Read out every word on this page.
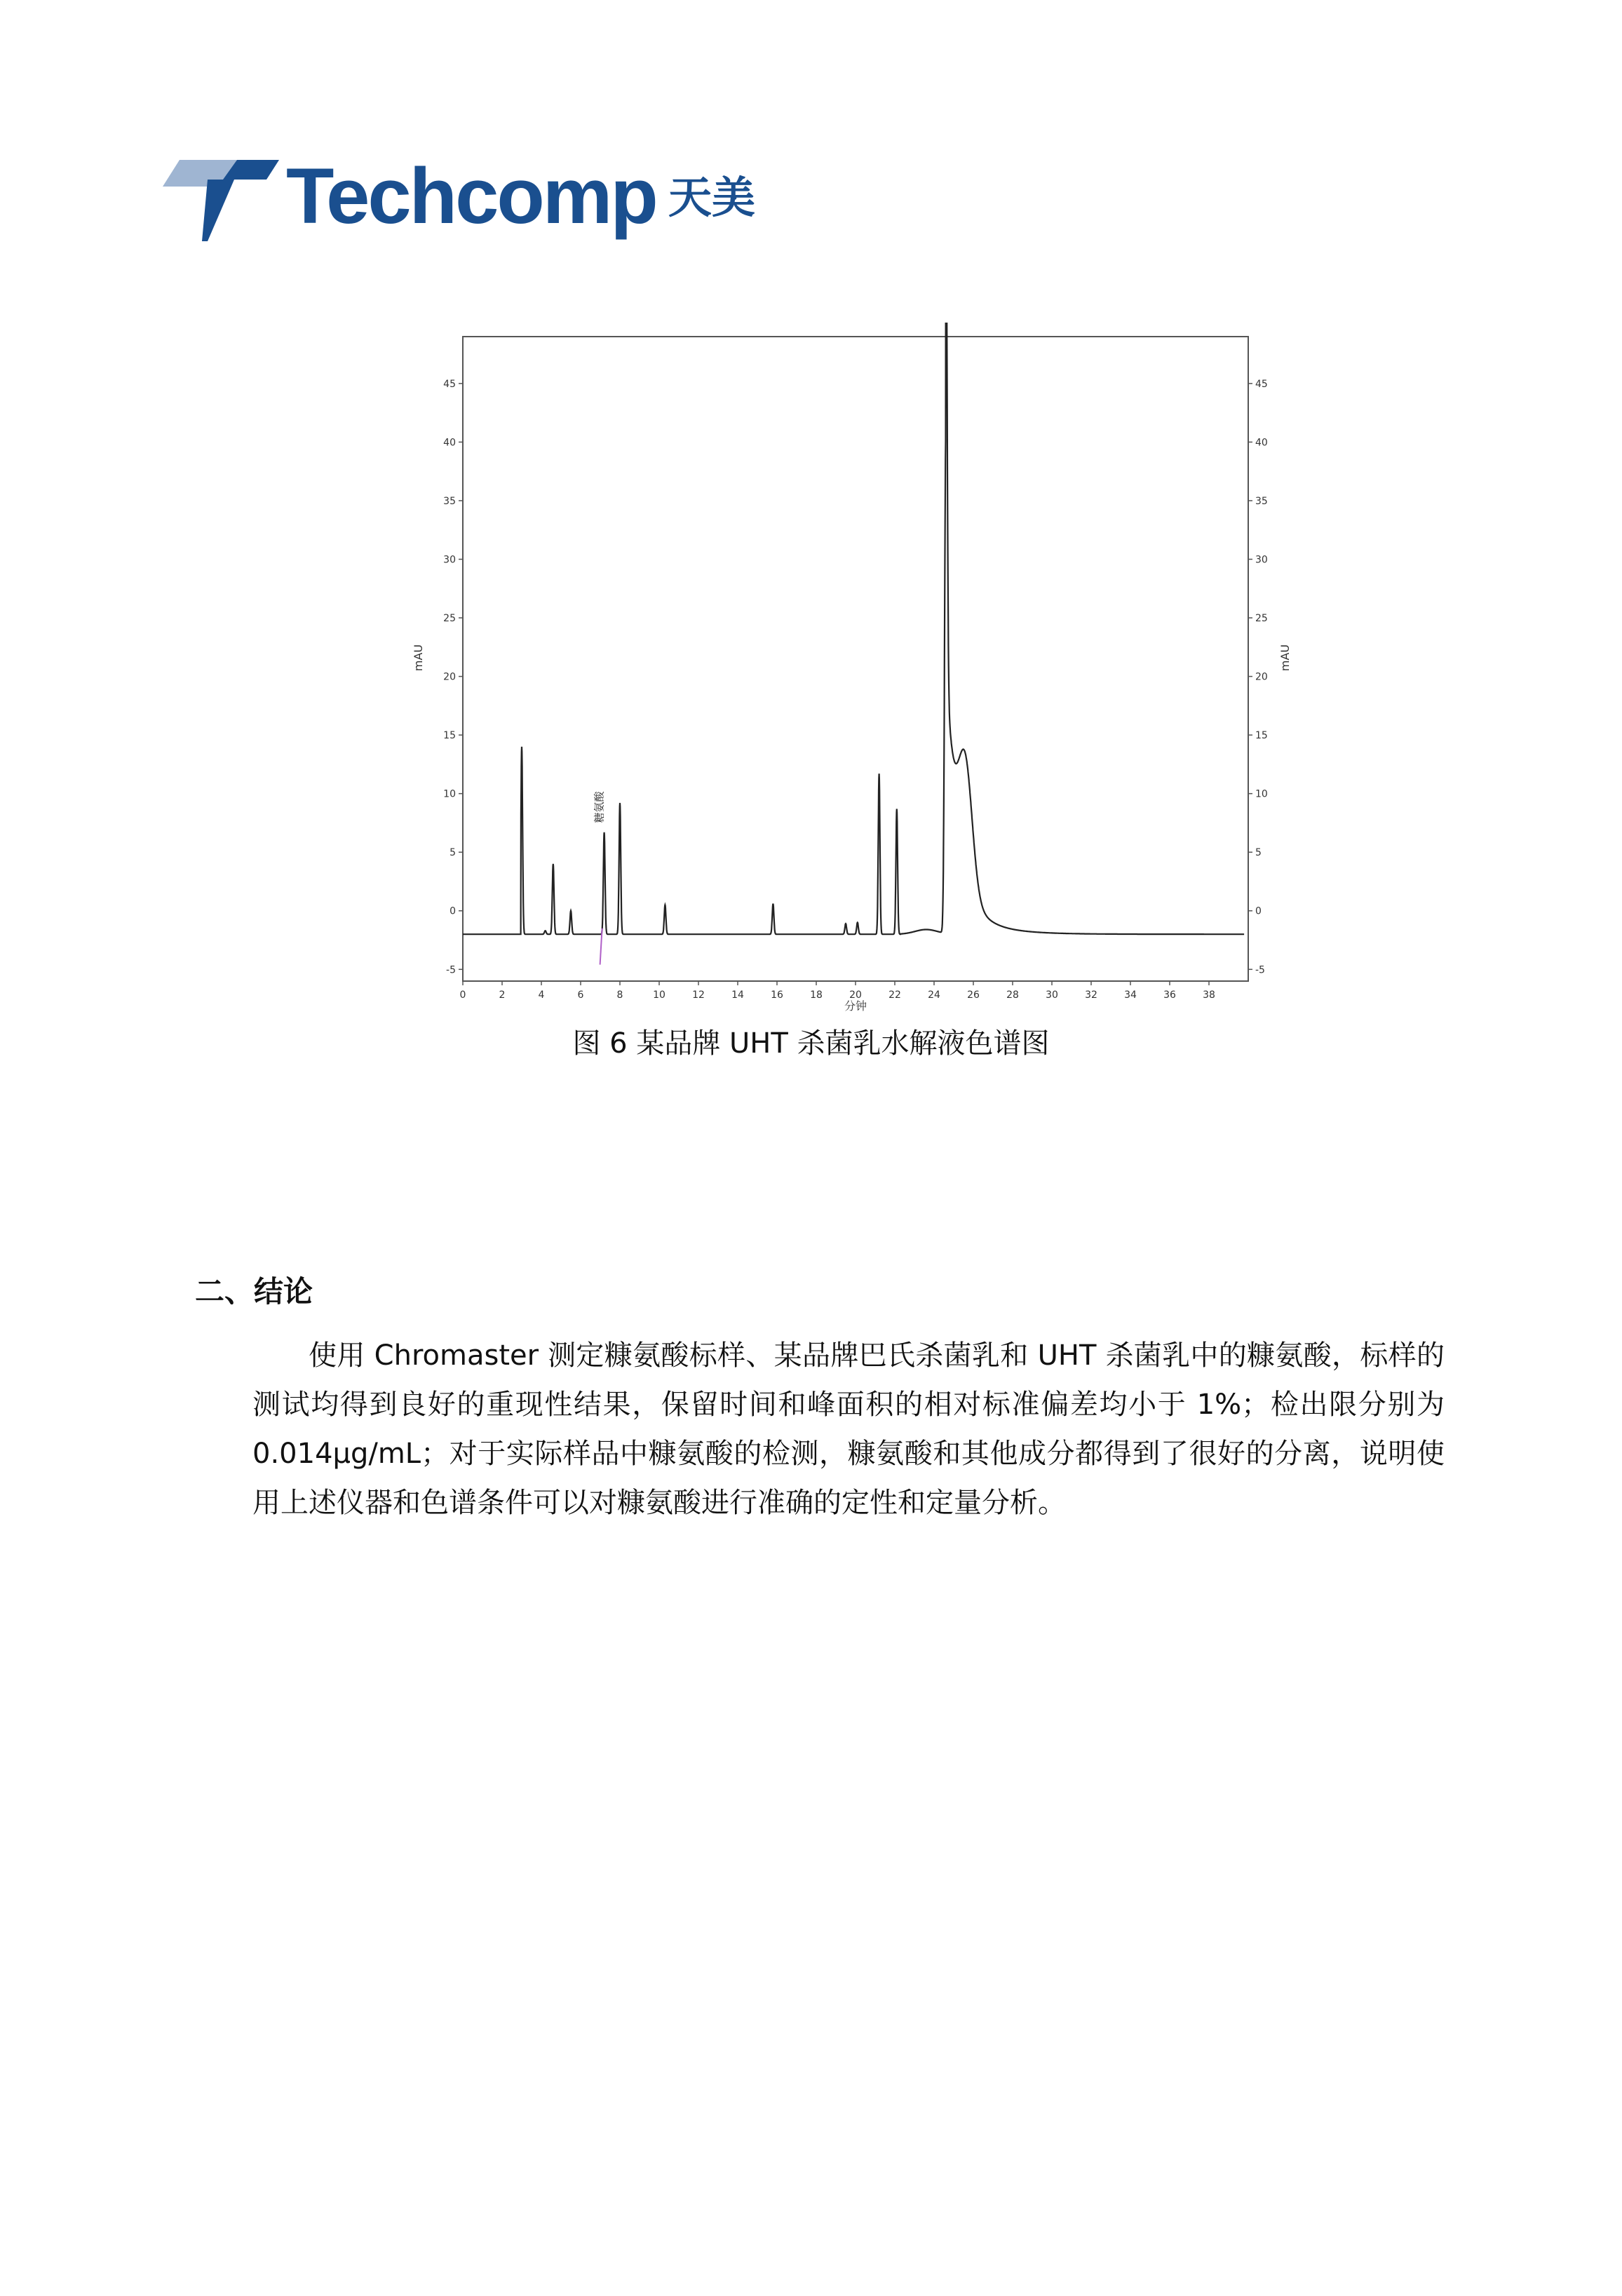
Techcomp 天美
0	2	4	6	8	10	12	14	16	18	20	22	24	26	28	30	32	34	36	38
-5
0
5
10
15
20
25
30
35
40
45
-5
0
5
10
15
20
25
30
35
40
45
糖氨酸
分钟
mAU	mAU
图 6 某品牌 UHT 杀菌乳水解液色谱图
二、结论
使用 Chromaster 测定糠氨酸标样、某品牌巴氏杀菌乳和 UHT 杀菌乳中的糠氨酸，标样的测试均得到良好的重现性结果，保留时间和峰面积的相对标准偏差均小于 1%；检出限分别为 0.014μg/mL；对于实际样品中糠氨酸的检测，糠氨酸和其他成分都得到了很好的分离，说明使用上述仪器和色谱条件可以对糠氨酸进行准确的定性和定量分析。
